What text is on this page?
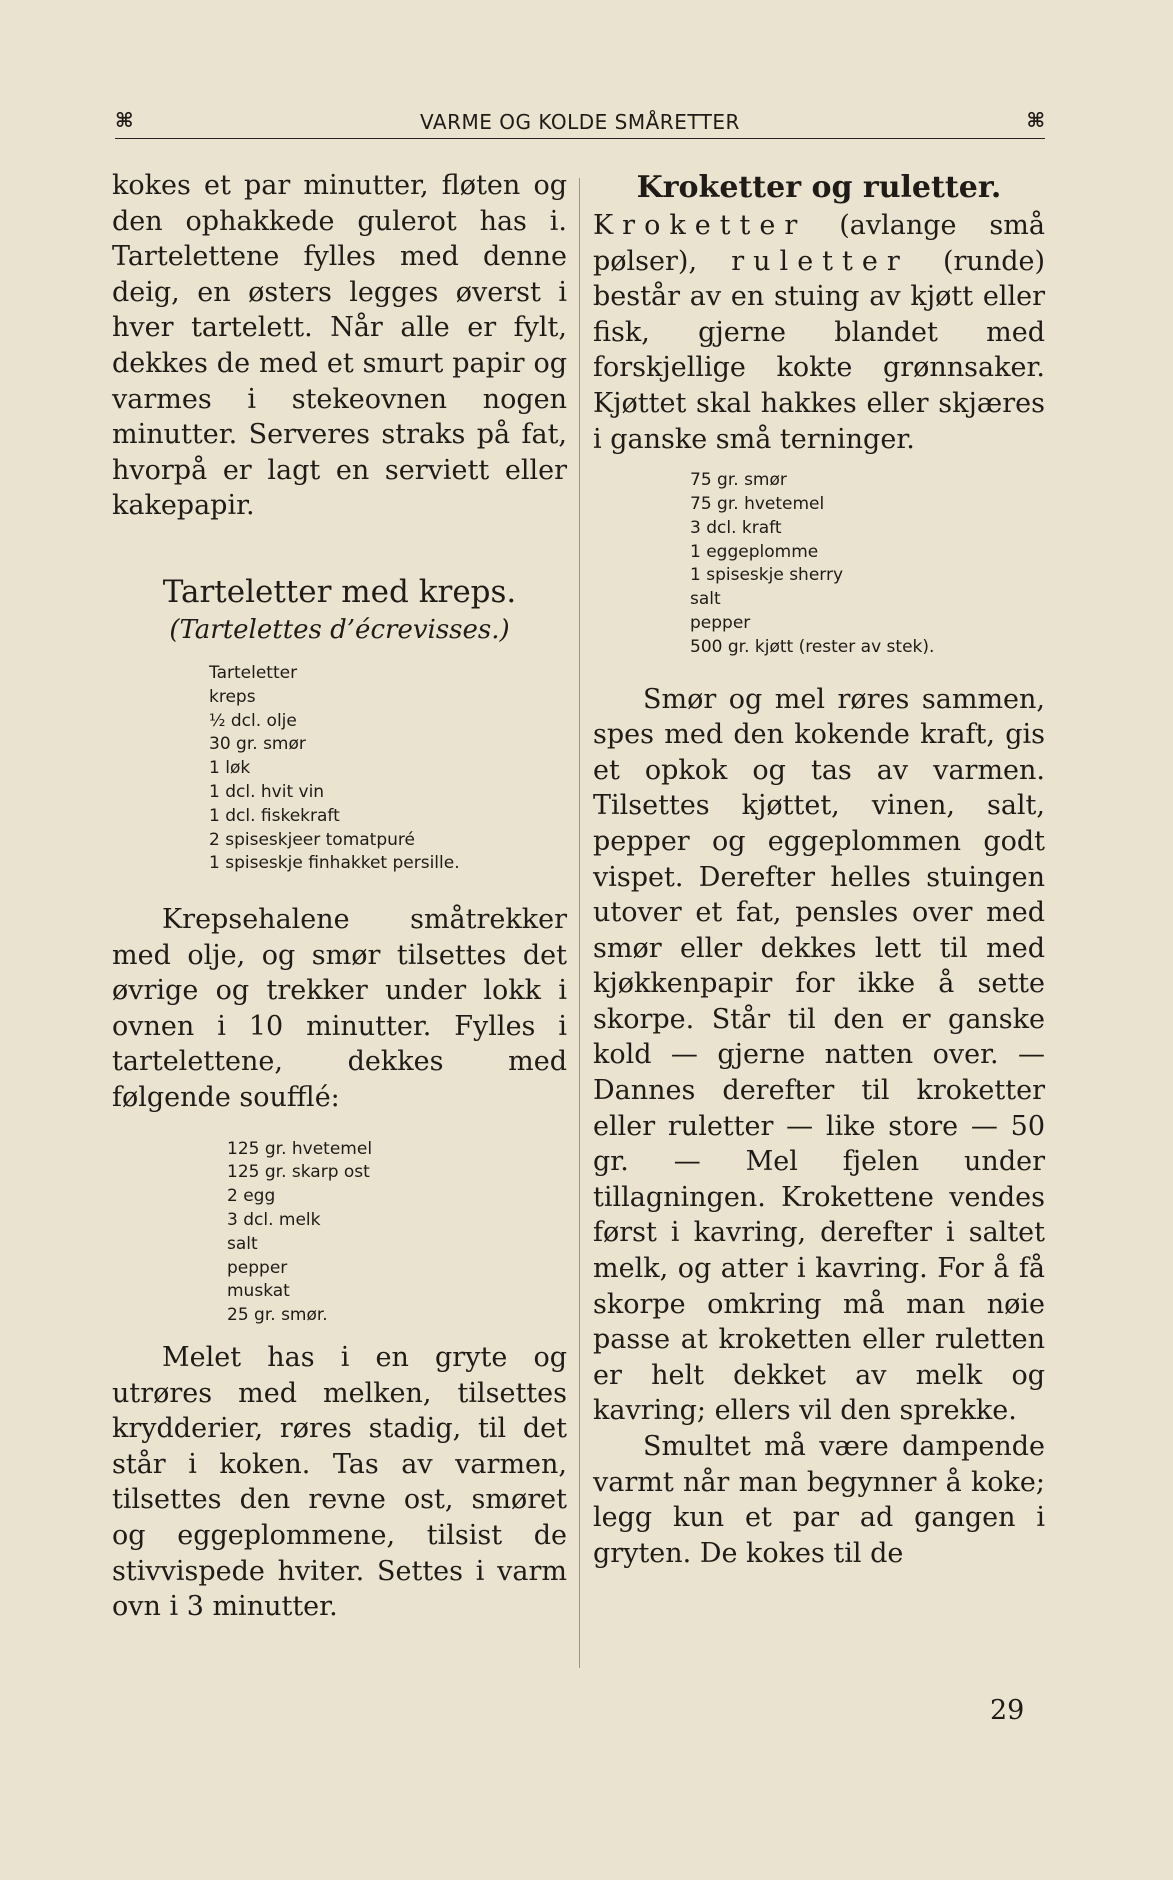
⌘	VARME OG KOLDE SMÅRETTER	⌘

kokes et par minutter, fløten og den ophakkede gulerot has i. Tartelettene fylles med denne deig, en østers legges øverst i hver tartelett. Når alle er fylt, dekkes de med et smurt papir og varmes i stekeovnen nogen minutter. Serveres straks på fat, hvorpå er lagt en serviett eller kakepapir.

Tarteletter med kreps.
(Tartelettes d’écrevisses.)
Tarteletter
kreps
½ dcl. olje
30 gr. smør
1 løk
1 dcl. hvit vin
1 dcl. fiskekraft
2 spiseskjeer tomatpuré
1 spiseskje finhakket persille.

Krepsehalene småtrekker med olje, og smør tilsettes det øvrige og trekker under lokk i ovnen i 10 minutter. Fylles i tartelettene, dekkes med følgende soufflé:

125 gr. hvetemel
125 gr. skarp ost
2 egg
3 dcl. melk
salt
pepper
muskat
25 gr. smør.

Melet has i en gryte og utrøres med melken, tilsettes krydderier, røres stadig, til det står i koken. Tas av varmen, tilsettes den revne ost, smøret og eggeplommene, tilsist de stivvispede hviter. Settes i varm ovn i 3 minutter.

Kroketter og ruletter.

Kroketter (avlange små pølser), ruletter (runde) består av en stuing av kjøtt eller fisk, gjerne blandet med forskjellige kokte grønnsaker. Kjøttet skal hakkes eller skjæres i ganske små terninger.

75 gr. smør
75 gr. hvetemel
3 dcl. kraft
1 eggeplomme
1 spiseskje sherry
salt
pepper
500 gr. kjøtt (rester av stek).

Smør og mel røres sammen, spes med den kokende kraft, gis et opkok og tas av varmen. Tilsettes kjøttet, vinen, salt, pepper og eggeplommen godt vispet. Derefter helles stuingen utover et fat, pensles over med smør eller dekkes lett til med kjøkkenpapir for ikke å sette skorpe. Står til den er ganske kold — gjerne natten over. — Dannes derefter til kroketter eller ruletter — like store — 50 gr. — Mel fjelen under tillagningen. Krokettene vendes først i kavring, derefter i saltet melk, og atter i kavring. For å få skorpe omkring må man nøie passe at kroketten eller ruletten er helt dekket av melk og kavring; ellers vil den sprekke.

Smultet må være dampende varmt når man begynner å koke; legg kun et par ad gangen i gryten. De kokes til de

29
